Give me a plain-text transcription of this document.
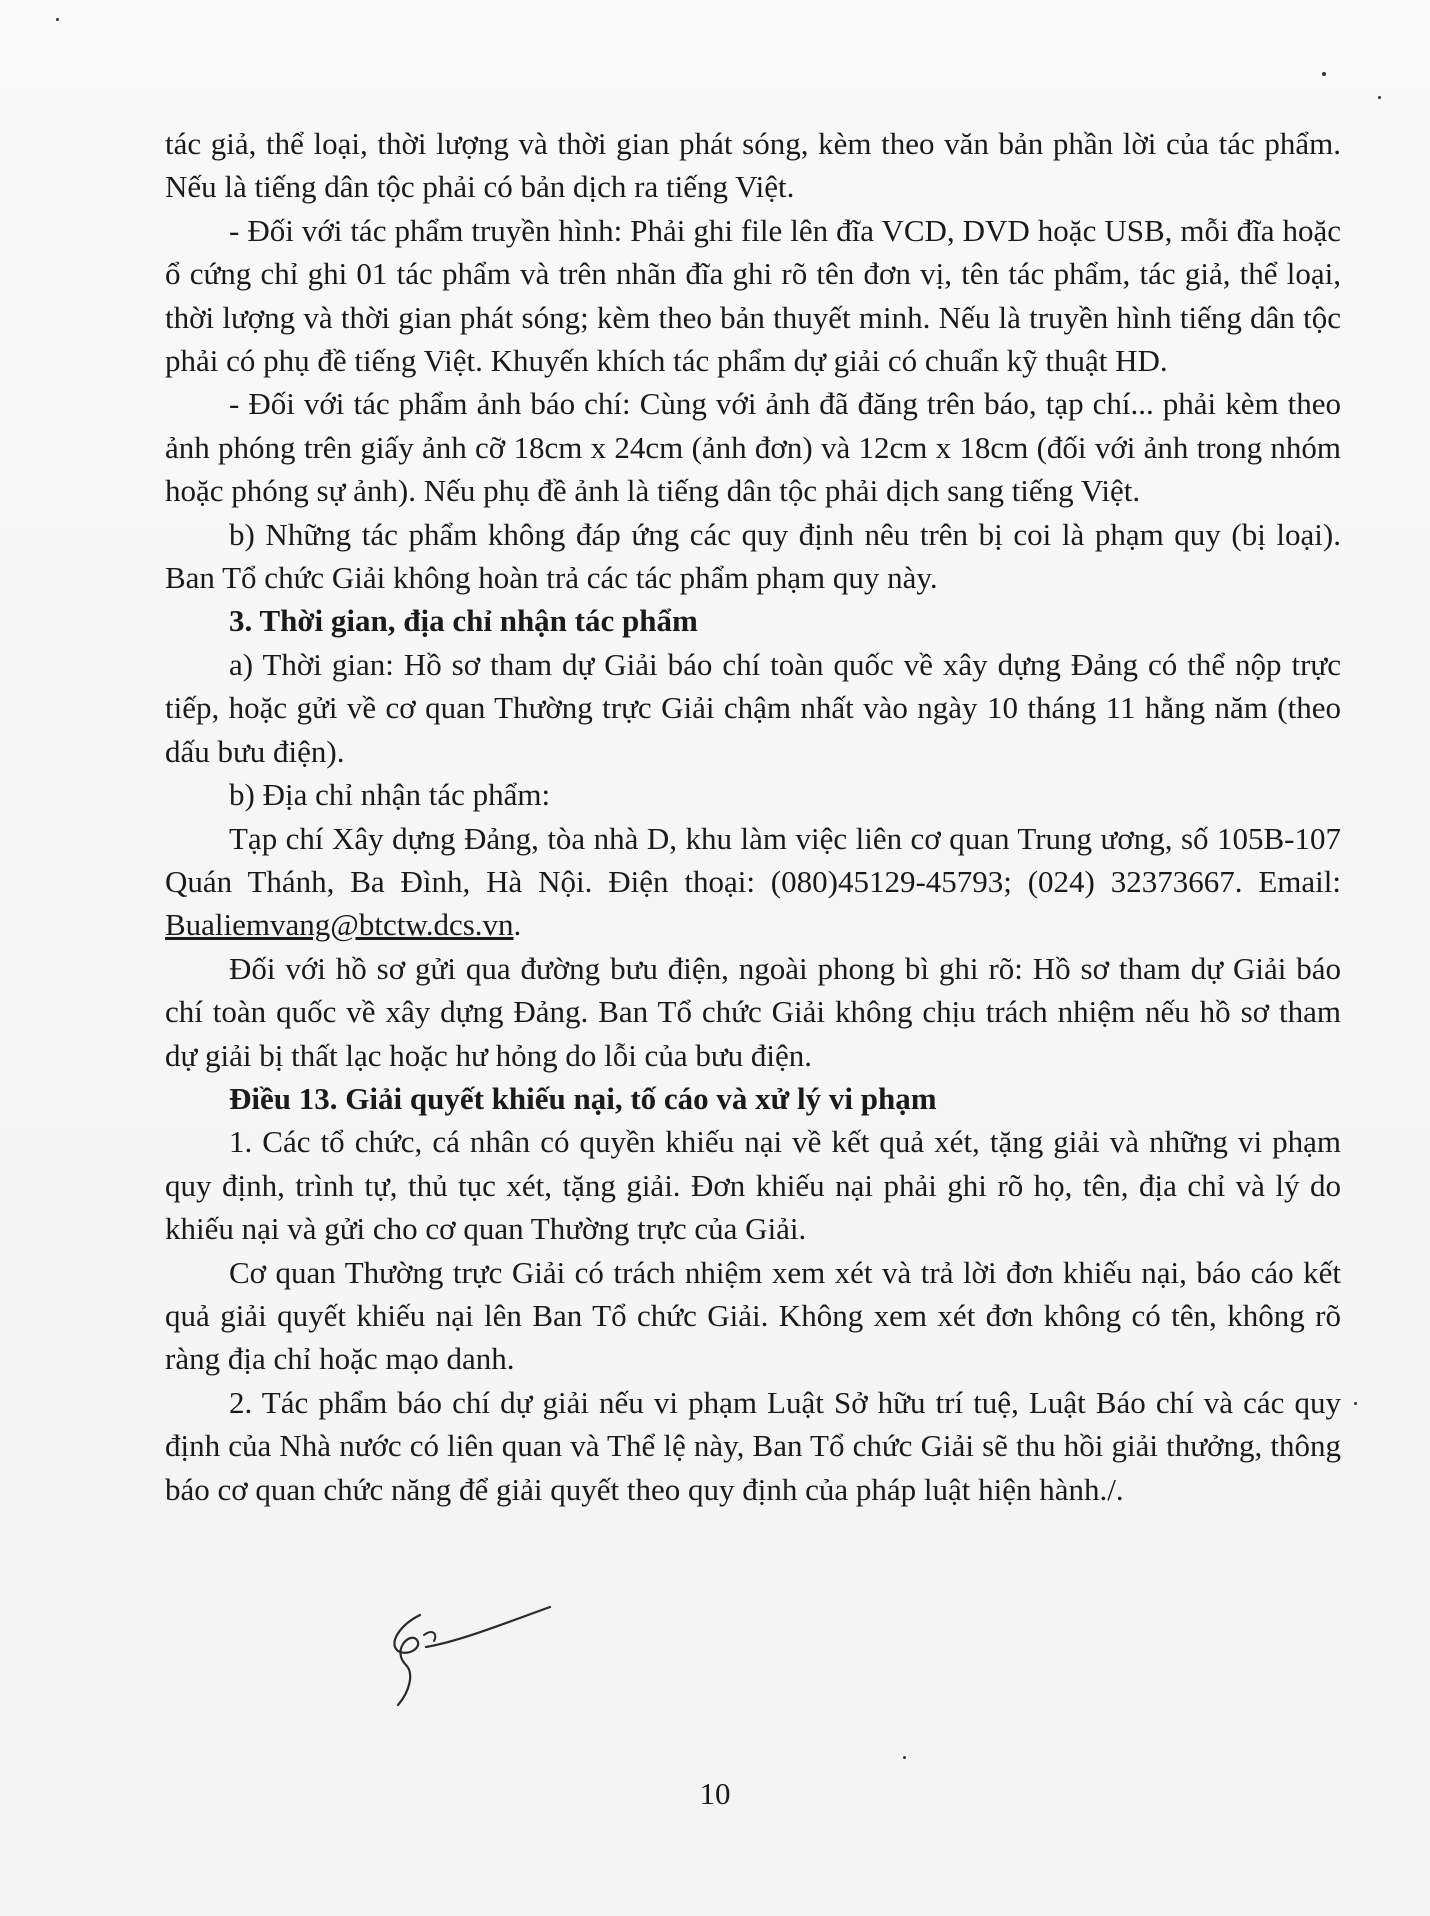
tác giả, thể loại, thời lượng và thời gian phát sóng, kèm theo văn bản phần lời của tác phẩm. Nếu là tiếng dân tộc phải có bản dịch ra tiếng Việt.

- Đối với tác phẩm truyền hình: Phải ghi file lên đĩa VCD, DVD hoặc USB, mỗi đĩa hoặc ổ cứng chỉ ghi 01 tác phẩm và trên nhãn đĩa ghi rõ tên đơn vị, tên tác phẩm, tác giả, thể loại, thời lượng và thời gian phát sóng; kèm theo bản thuyết minh. Nếu là truyền hình tiếng dân tộc phải có phụ đề tiếng Việt. Khuyến khích tác phẩm dự giải có chuẩn kỹ thuật HD.

- Đối với tác phẩm ảnh báo chí: Cùng với ảnh đã đăng trên báo, tạp chí... phải kèm theo ảnh phóng trên giấy ảnh cỡ 18cm x 24cm (ảnh đơn) và 12cm x 18cm (đối với ảnh trong nhóm hoặc phóng sự ảnh). Nếu phụ đề ảnh là tiếng dân tộc phải dịch sang tiếng Việt.

b) Những tác phẩm không đáp ứng các quy định nêu trên bị coi là phạm quy (bị loại). Ban Tổ chức Giải không hoàn trả các tác phẩm phạm quy này.

3. Thời gian, địa chỉ nhận tác phẩm

a) Thời gian: Hồ sơ tham dự Giải báo chí toàn quốc về xây dựng Đảng có thể nộp trực tiếp, hoặc gửi về cơ quan Thường trực Giải chậm nhất vào ngày 10 tháng 11 hằng năm (theo dấu bưu điện).

b) Địa chỉ nhận tác phẩm:

Tạp chí Xây dựng Đảng, tòa nhà D, khu làm việc liên cơ quan Trung ương, số 105B-107 Quán Thánh, Ba Đình, Hà Nội. Điện thoại: (080)45129-45793; (024) 32373667. Email: Bualiemvang@btctw.dcs.vn.

Đối với hồ sơ gửi qua đường bưu điện, ngoài phong bì ghi rõ: Hồ sơ tham dự Giải báo chí toàn quốc về xây dựng Đảng. Ban Tổ chức Giải không chịu trách nhiệm nếu hồ sơ tham dự giải bị thất lạc hoặc hư hỏng do lỗi của bưu điện.

Điều 13. Giải quyết khiếu nại, tố cáo và xử lý vi phạm

1. Các tổ chức, cá nhân có quyền khiếu nại về kết quả xét, tặng giải và những vi phạm quy định, trình tự, thủ tục xét, tặng giải. Đơn khiếu nại phải ghi rõ họ, tên, địa chỉ và lý do khiếu nại và gửi cho cơ quan Thường trực của Giải.

Cơ quan Thường trực Giải có trách nhiệm xem xét và trả lời đơn khiếu nại, báo cáo kết quả giải quyết khiếu nại lên Ban Tổ chức Giải. Không xem xét đơn không có tên, không rõ ràng địa chỉ hoặc mạo danh.

2. Tác phẩm báo chí dự giải nếu vi phạm Luật Sở hữu trí tuệ, Luật Báo chí và các quy định của Nhà nước có liên quan và Thể lệ này, Ban Tổ chức Giải sẽ thu hồi giải thưởng, thông báo cơ quan chức năng để giải quyết theo quy định của pháp luật hiện hành./.

10
